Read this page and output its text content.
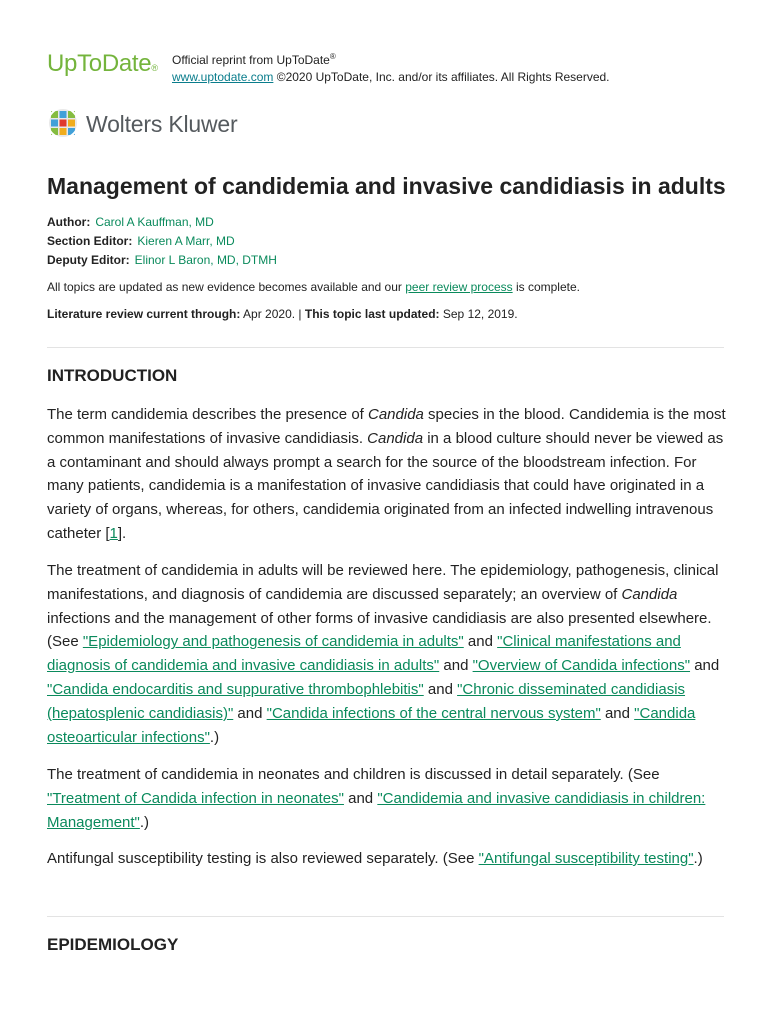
UpToDate®
Official reprint from UpToDate®
www.uptodate.com ©2020 UpToDate, Inc. and/or its affiliates. All Rights Reserved.
Wolters Kluwer
Management of candidemia and invasive candidiasis in adults
Author: Carol A Kauffman, MD
Section Editor: Kieren A Marr, MD
Deputy Editor: Elinor L Baron, MD, DTMH
All topics are updated as new evidence becomes available and our peer review process is complete.
Literature review current through: Apr 2020. | This topic last updated: Sep 12, 2019.
INTRODUCTION

The term candidemia describes the presence of Candida species in the blood. Candidemia is the most common manifestations of invasive candidiasis. Candida in a blood culture should never be viewed as a contaminant and should always prompt a search for the source of the bloodstream infection. For many patients, candidemia is a manifestation of invasive candidiasis that could have originated in a variety of organs, whereas, for others, candidemia originated from an infected indwelling intravenous catheter [1].

The treatment of candidemia in adults will be reviewed here. The epidemiology, pathogenesis, clinical manifestations, and diagnosis of candidemia are discussed separately; an overview of Candida infections and the management of other forms of invasive candidiasis are also presented elsewhere. (See "Epidemiology and pathogenesis of candidemia in adults" and "Clinical manifestations and diagnosis of candidemia and invasive candidiasis in adults" and "Overview of Candida infections" and "Candida endocarditis and suppurative thrombophlebitis" and "Chronic disseminated candidiasis (hepatosplenic candidiasis)" and "Candida infections of the central nervous system" and "Candida osteoarticular infections".)

The treatment of candidemia in neonates and children is discussed in detail separately. (See "Treatment of Candida infection in neonates" and "Candidemia and invasive candidiasis in children: Management".)

Antifungal susceptibility testing is also reviewed separately. (See "Antifungal susceptibility testing".)

EPIDEMIOLOGY
